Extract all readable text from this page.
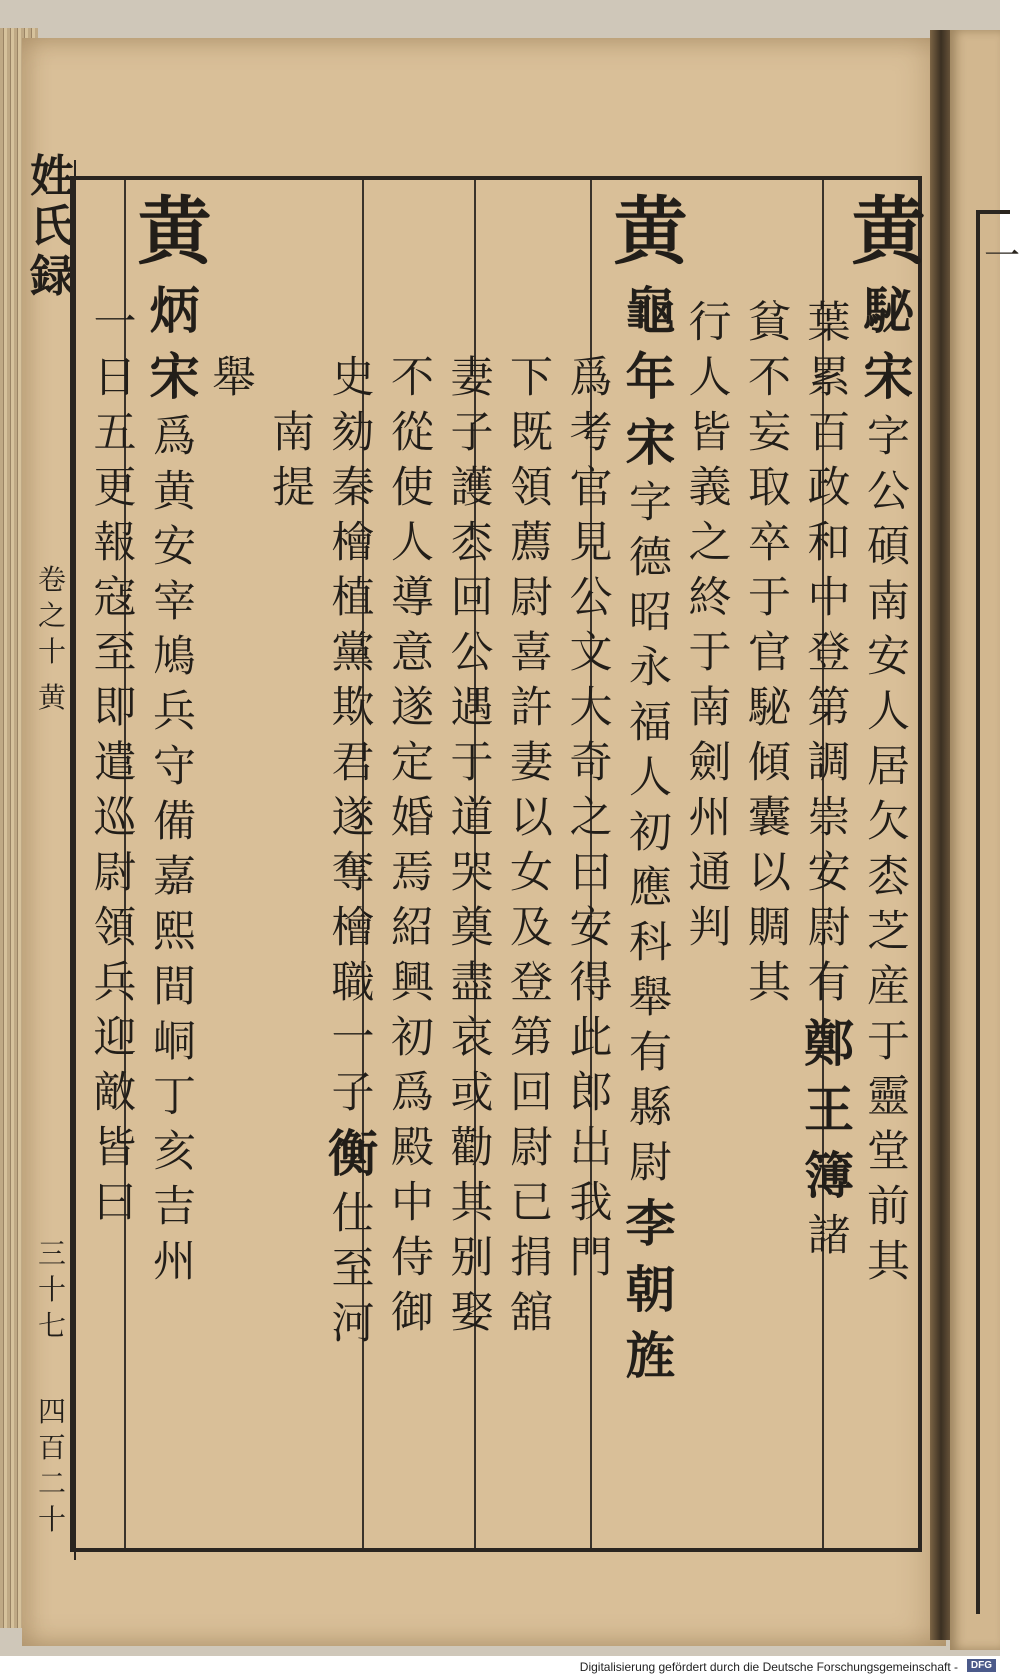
一
姓
氏
録
卷
之
十
黄
三
十
七
四
百
二
十
黄
駜
宋
字
公
碩
南
安
人
居
欠
枩
芝
産
于
靈
堂
前
其

葉
累
百
政
和
中
登
第
調
崇
安
尉
有
鄭
王
簿
諸

貧
不
妄
取
卒
于
官
駜
傾
囊
以
賙
其

行
人
皆
義
之
終
于
南
劍
州
通
判
黄
龜
年
宋
字
德
昭
永
福
人
初
應
科
舉
有
縣
尉
李
朝
旌

爲
考
官
見
公
文
大
奇
之
曰
安
得
此
郎
出
我
門

下
既
領
薦
尉
喜
許
妻
以
女
及
登
第
回
尉
已
捐
舘

妻
子
護
枩
回
公
遇
于
道
哭
奠
盡
哀
或
勸
其
别
娶

不
從
使
人
導
意
遂
定
婚
焉
紹
興
初
爲
殿
中
侍
御

史
劾
秦
檜
植
黨
欺
君
遂
奪
檜
職
一
子
衡
仕
至
河

南
提

舉
黄
炳
宋
爲
黄
安
宰
鳩
兵
守
備
嘉
熙
間
峒
丁
亥
吉
州

一
日
五
更
報
寇
至
即
遣
巡
尉
領
兵
迎
敵
皆
曰
Digitalisierung gefördert durch die Deutsche Forschungsgemeinschaft -	DFG
